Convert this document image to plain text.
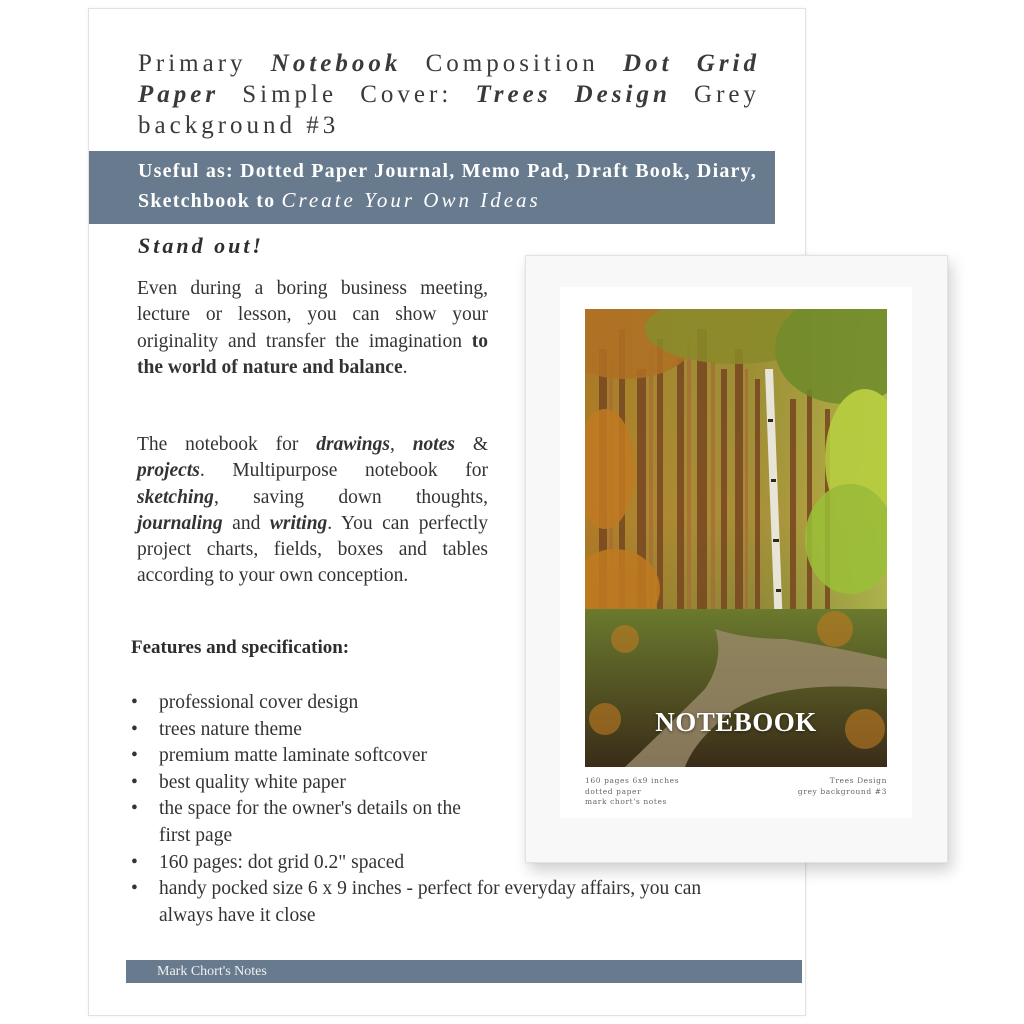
Primary Notebook Composition Dot Grid Paper Simple Cover: Trees Design Grey background #3
Useful as: Dotted Paper Journal, Memo Pad, Draft Book, Diary, Sketchbook to Create Your Own Ideas
Stand out!

Even during a boring business meeting, lecture or lesson, you can show your originality and transfer the imagination to the world of nature and balance.

The notebook for drawings, notes & projects. Multipurpose notebook for sketching, saving down thoughts, journaling and writing. You can perfectly project charts, fields, boxes and tables according to your own conception.

Features and specification:
• professional cover design
• trees nature theme
• premium matte laminate softcover
• best quality white paper
• the space for the owner's details on the first page
• 160 pages: dot grid 0.2" spaced
• handy pocked size 6 x 9 inches - perfect for everyday affairs, you can always have it close
Mark Chort's Notes
NOTEBOOK
160 pages 6x9 inches
dotted paper
mark chort's notes
Trees Design
grey background #3
